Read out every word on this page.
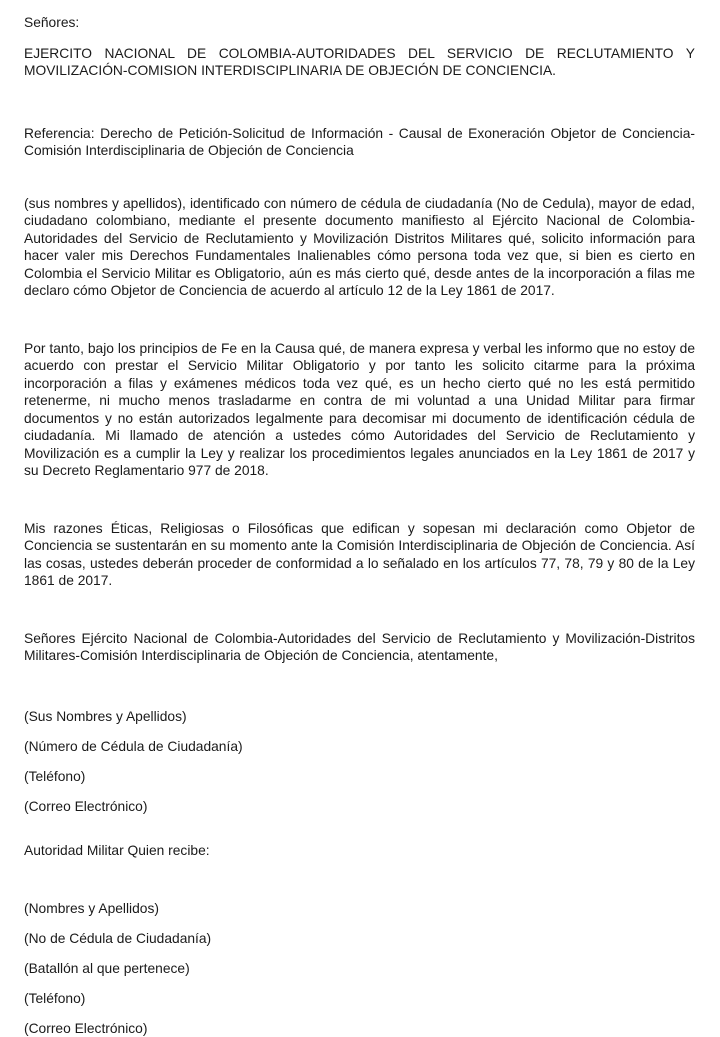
Señores:
EJERCITO NACIONAL DE COLOMBIA-AUTORIDADES DEL SERVICIO DE RECLUTAMIENTO Y MOVILIZACIÓN-COMISION INTERDISCIPLINARIA DE OBJECIÓN DE CONCIENCIA.
Referencia: Derecho de Petición-Solicitud de Información - Causal de Exoneración Objetor de Conciencia-Comisión Interdisciplinaria de Objeción de Conciencia
(sus nombres y apellidos), identificado con número de cédula de ciudadanía (No de Cedula), mayor de edad, ciudadano colombiano, mediante el presente documento manifiesto al Ejército Nacional de Colombia-Autoridades del Servicio de Reclutamiento y Movilización Distritos Militares qué, solicito información para hacer valer mis Derechos Fundamentales Inalienables cómo persona toda vez que, si bien es cierto en Colombia el Servicio Militar es Obligatorio, aún es más cierto qué, desde antes de la incorporación a filas me declaro cómo Objetor de Conciencia de acuerdo al artículo 12 de la Ley 1861 de 2017.
Por tanto, bajo los principios de Fe en la Causa qué, de manera expresa y verbal les informo que no estoy de acuerdo con prestar el Servicio Militar Obligatorio y por tanto les solicito citarme para la próxima incorporación a filas y exámenes médicos toda vez qué, es un hecho cierto qué no les está permitido retenerme, ni mucho menos trasladarme en contra de mi voluntad a una Unidad Militar para firmar documentos y no están autorizados legalmente para decomisar mi documento de identificación cédula de ciudadanía. Mi llamado de atención a ustedes cómo Autoridades del Servicio de Reclutamiento y Movilización es a cumplir la Ley y realizar los procedimientos legales anunciados en la Ley 1861 de 2017 y su Decreto Reglamentario 977 de 2018.
Mis razones Éticas, Religiosas o Filosóficas que edifican y sopesan mi declaración como Objetor de Conciencia se sustentarán en su momento ante la Comisión Interdisciplinaria de Objeción de Conciencia. Así las cosas, ustedes deberán proceder de conformidad a lo señalado en los artículos 77, 78, 79 y 80 de la Ley 1861 de 2017.
Señores Ejército Nacional de Colombia-Autoridades del Servicio de Reclutamiento y Movilización-Distritos Militares-Comisión Interdisciplinaria de Objeción de Conciencia, atentamente,
(Sus Nombres y Apellidos)
(Número de Cédula de Ciudadanía)
(Teléfono)
(Correo Electrónico)
Autoridad Militar Quien recibe:
(Nombres y Apellidos)
(No de Cédula de Ciudadanía)
(Batallón al que pertenece)
(Teléfono)
(Correo Electrónico)
